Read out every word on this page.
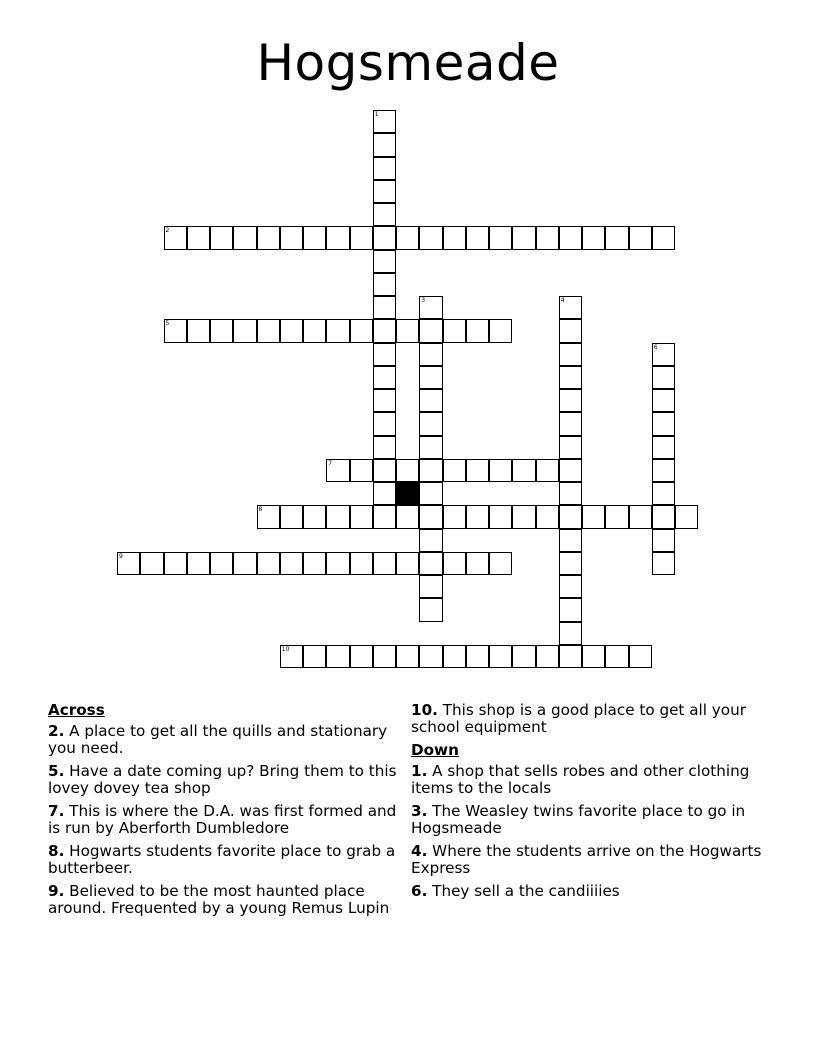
Hogsmeade
1
2
3	4
5
6
7
8
9
10
Across
2. A place to get all the quills and stationary you need.
5. Have a date coming up? Bring them to this lovey dovey tea shop
7. This is where the D.A. was first formed and is run by Aberforth Dumbledore
8. Hogwarts students favorite place to grab a butterbeer.
9. Believed to be the most haunted place around. Frequented by a young Remus Lupin
10. This shop is a good place to get all your school equipment
Down
1. A shop that sells robes and other clothing items to the locals
3. The Weasley twins favorite place to go in Hogsmeade
4. Where the students arrive on the Hogwarts Express
6. They sell a the candiiiies
